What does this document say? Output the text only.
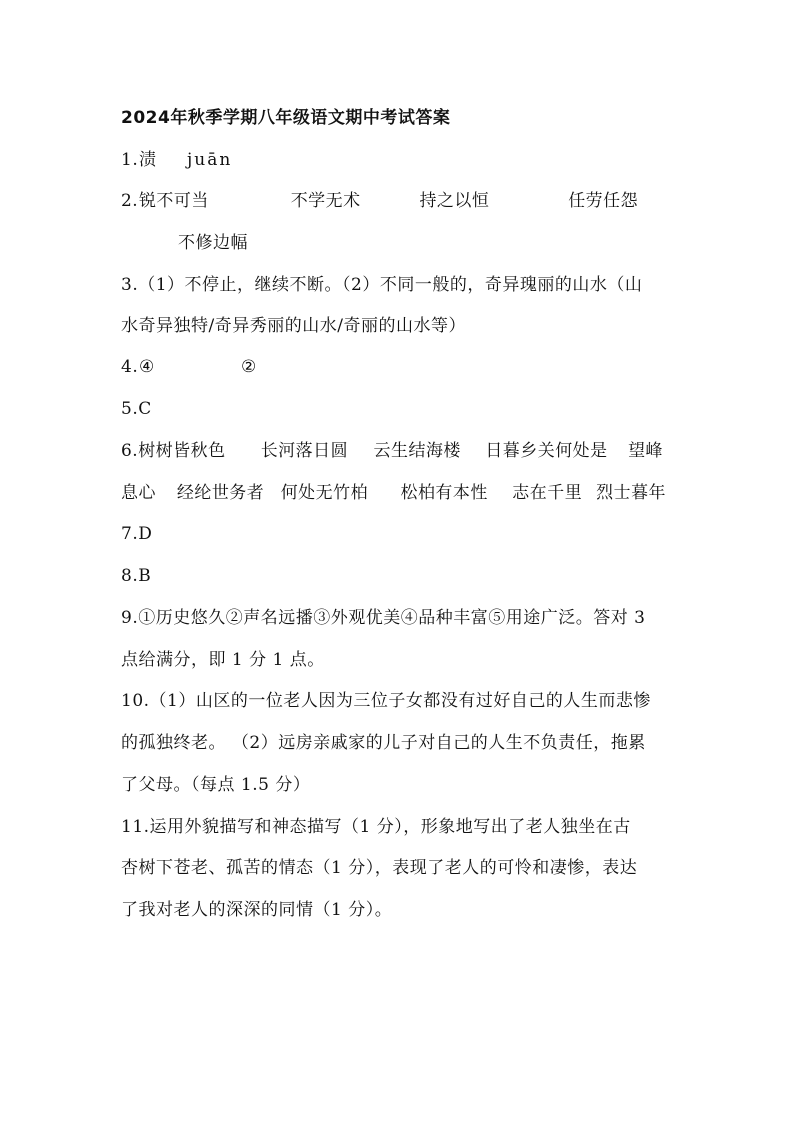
2024年秋季学期八年级语文期中考试答案
1. 渍 juān
2. 锐不可当	不学无术	持之以恒	任劳任怨
不修边幅
3.（1）不停止，继续不断。（2）不同一般的，奇异瑰丽的山水（山
水奇异独特/奇异秀丽的山水/奇丽的山水等）
4. ④	②
5.C
6.树树皆秋色 长河落日圆 云生结海楼 日暮乡关何处是 望峰
息心 经纶世务者 何处无竹柏 松柏有本性 志在千里 烈士暮年
7.D
8.B
9.①历史悠久②声名远播③外观优美④品种丰富⑤用途广泛。答对 3
点给满分，即 1 分 1 点。
10.（1）山区的一位老人因为三位子女都没有过好自己的人生而悲惨
的孤独终老。 （2）远房亲戚家的儿子对自己的人生不负责任，拖累
了父母。（每点 1.5 分）
11.运用外貌描写和神态描写（1 分），形象地写出了老人独坐在古
杏树下苍老、孤苦的情态（1 分），表现了老人的可怜和凄惨，表达
了我对老人的深深的同情（1 分）。
